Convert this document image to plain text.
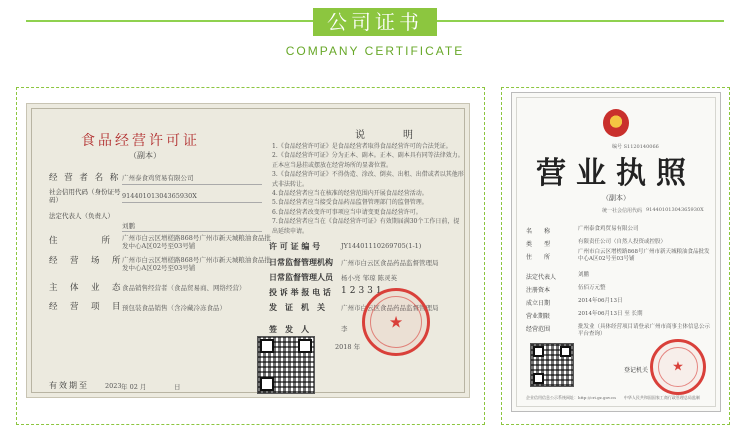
公司证书
COMPANY CERTIFICATE
食品经营许可证
（副本）
经 营 者 名 称 广州泰食鸡贸易有限公司
社会信用代码（身份证号码）	91440101304365930X
法定代表人（负责人）
刘鹏
住　　　　所 广州市白云区增槎路868号广州市新天城粮油食品批发中心A区02号至03号铺
经　营　场　所 广州市白云区增槎路868号广州市新天城粮油食品批发中心A区02号至03号铺
主　体　业　态 食品销售经营者（食品贸易商、网络经营）
经　营　项　目 预包装食品销售（含冷藏冷冻食品）
说　　明
1.《食品经营许可证》是食品经营者取得食品经营许可的合法凭证。
2.《食品经营许可证》分为正本、副本。正本、副本具有同等法律效力。正本应当悬挂或摆放在经营场所的显著位置。
3.《食品经营许可证》不得伪造、涂改、倒卖、出租、出借或者以其他形式非法转让。
4.食品经营者应当在核准的经营范围内开展食品经营活动。
5.食品经营者应当接受食品药品监督管理部门的监督管理。
6.食品经营者改变许可事项应当申请变更食品经营许可。
7.食品经营者应当在《食品经营许可证》有效期届满30个工作日前，提出延续申请。
许 可 证 编 号	JY14401110269705(1-1)
日常监督管理机构 广州市白云区食品药品监督管理局
日常监督管理人员 杨小亮 邹琼 陈灵英
投 诉 举 报 电 话 12331
发　证　机　关 广州市白云区食品药品监督管理局
签　发　人	李
2018 年
★
有效期至 2023 年 02 月	日
★
编号 S1120140066
营业执照
（副本）
统一社会信用代码 91440101304365930X
名　　称	广州泰食鸡贸易有限公司
类　　型	有限责任公司（自然人投资或控股）
住　　所
广州市白云区增槎路868号广州市新天城粮油食品批发中心A区02号至03号铺
法定代表人	刘鹏
注册资本	伍佰万元整
成立日期	2014年06月13日
营业期限	2014年06月13日 至 长期
经营范围	批发业（具体经营项目请登录广州市商事主体信息公示平台查询）
登记机关 ★
企业信用信息公示系统网址：http://cri.gz.gov.cn　　中华人民共和国国家工商行政管理总局监制
